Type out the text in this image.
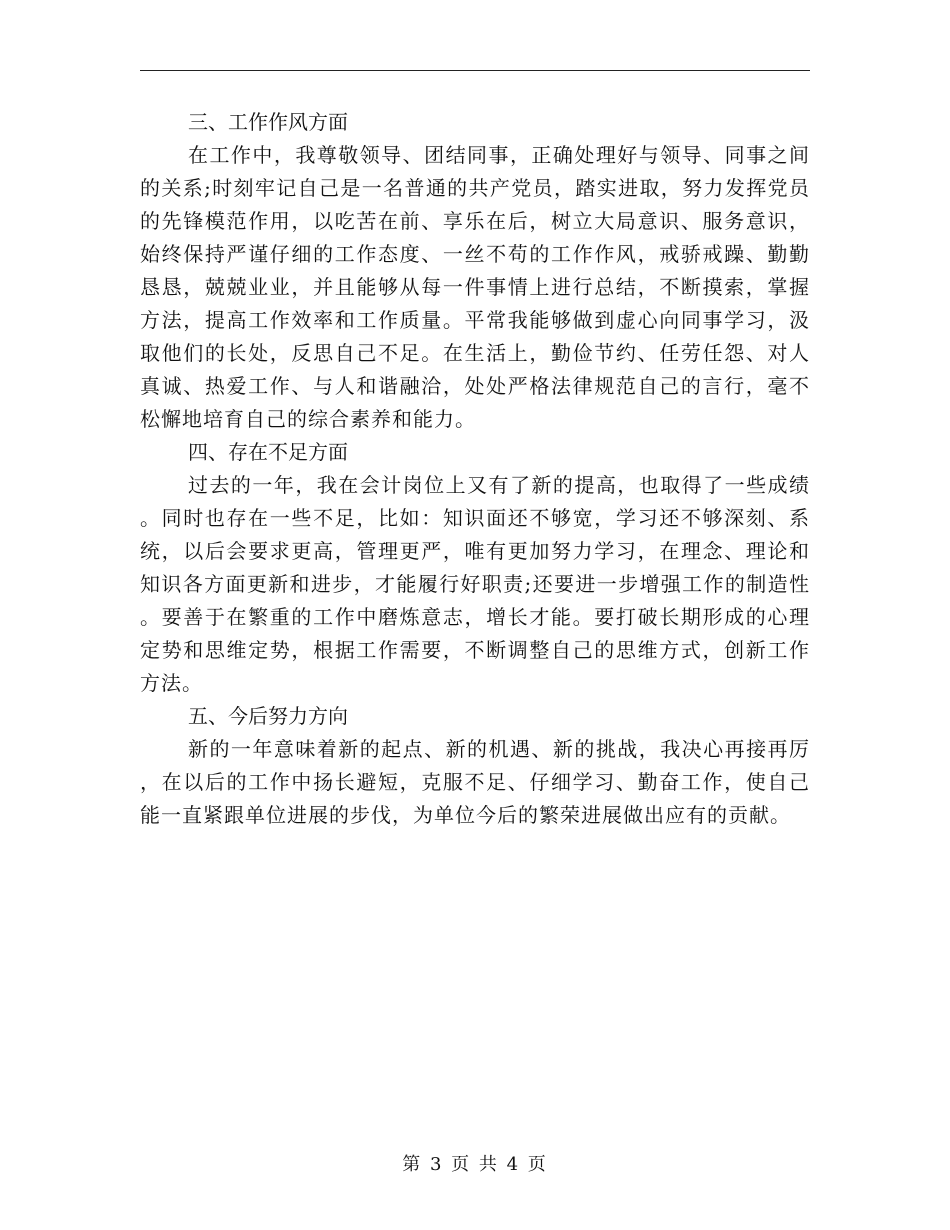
三、工作作风方面

在工作中，我尊敬领导、团结同事，正确处理好与领导、同事之间的关系;时刻牢记自己是一名普通的共产党员，踏实进取，努力发挥党员的先锋模范作用，以吃苦在前、享乐在后，树立大局意识、服务意识，始终保持严谨仔细的工作态度、一丝不苟的工作作风，戒骄戒躁、勤勤恳恳，兢兢业业，并且能够从每一件事情上进行总结，不断摸索，掌握方法，提高工作效率和工作质量。平常我能够做到虚心向同事学习，汲取他们的长处，反思自己不足。在生活上，勤俭节约、任劳任怨、对人真诚、热爱工作、与人和谐融洽，处处严格法律规范自己的言行，毫不松懈地培育自己的综合素养和能力。

四、存在不足方面

过去的一年，我在会计岗位上又有了新的提高，也取得了一些成绩。同时也存在一些不足，比如：知识面还不够宽，学习还不够深刻、系统，以后会要求更高，管理更严，唯有更加努力学习，在理念、理论和知识各方面更新和进步，才能履行好职责;还要进一步增强工作的制造性。要善于在繁重的工作中磨炼意志，增长才能。要打破长期形成的心理定势和思维定势，根据工作需要，不断调整自己的思维方式，创新工作方法。

五、今后努力方向

新的一年意味着新的起点、新的机遇、新的挑战，我决心再接再厉，在以后的工作中扬长避短，克服不足、仔细学习、勤奋工作，使自己能一直紧跟单位进展的步伐，为单位今后的繁荣进展做出应有的贡献。

第 3 页 共 4 页
